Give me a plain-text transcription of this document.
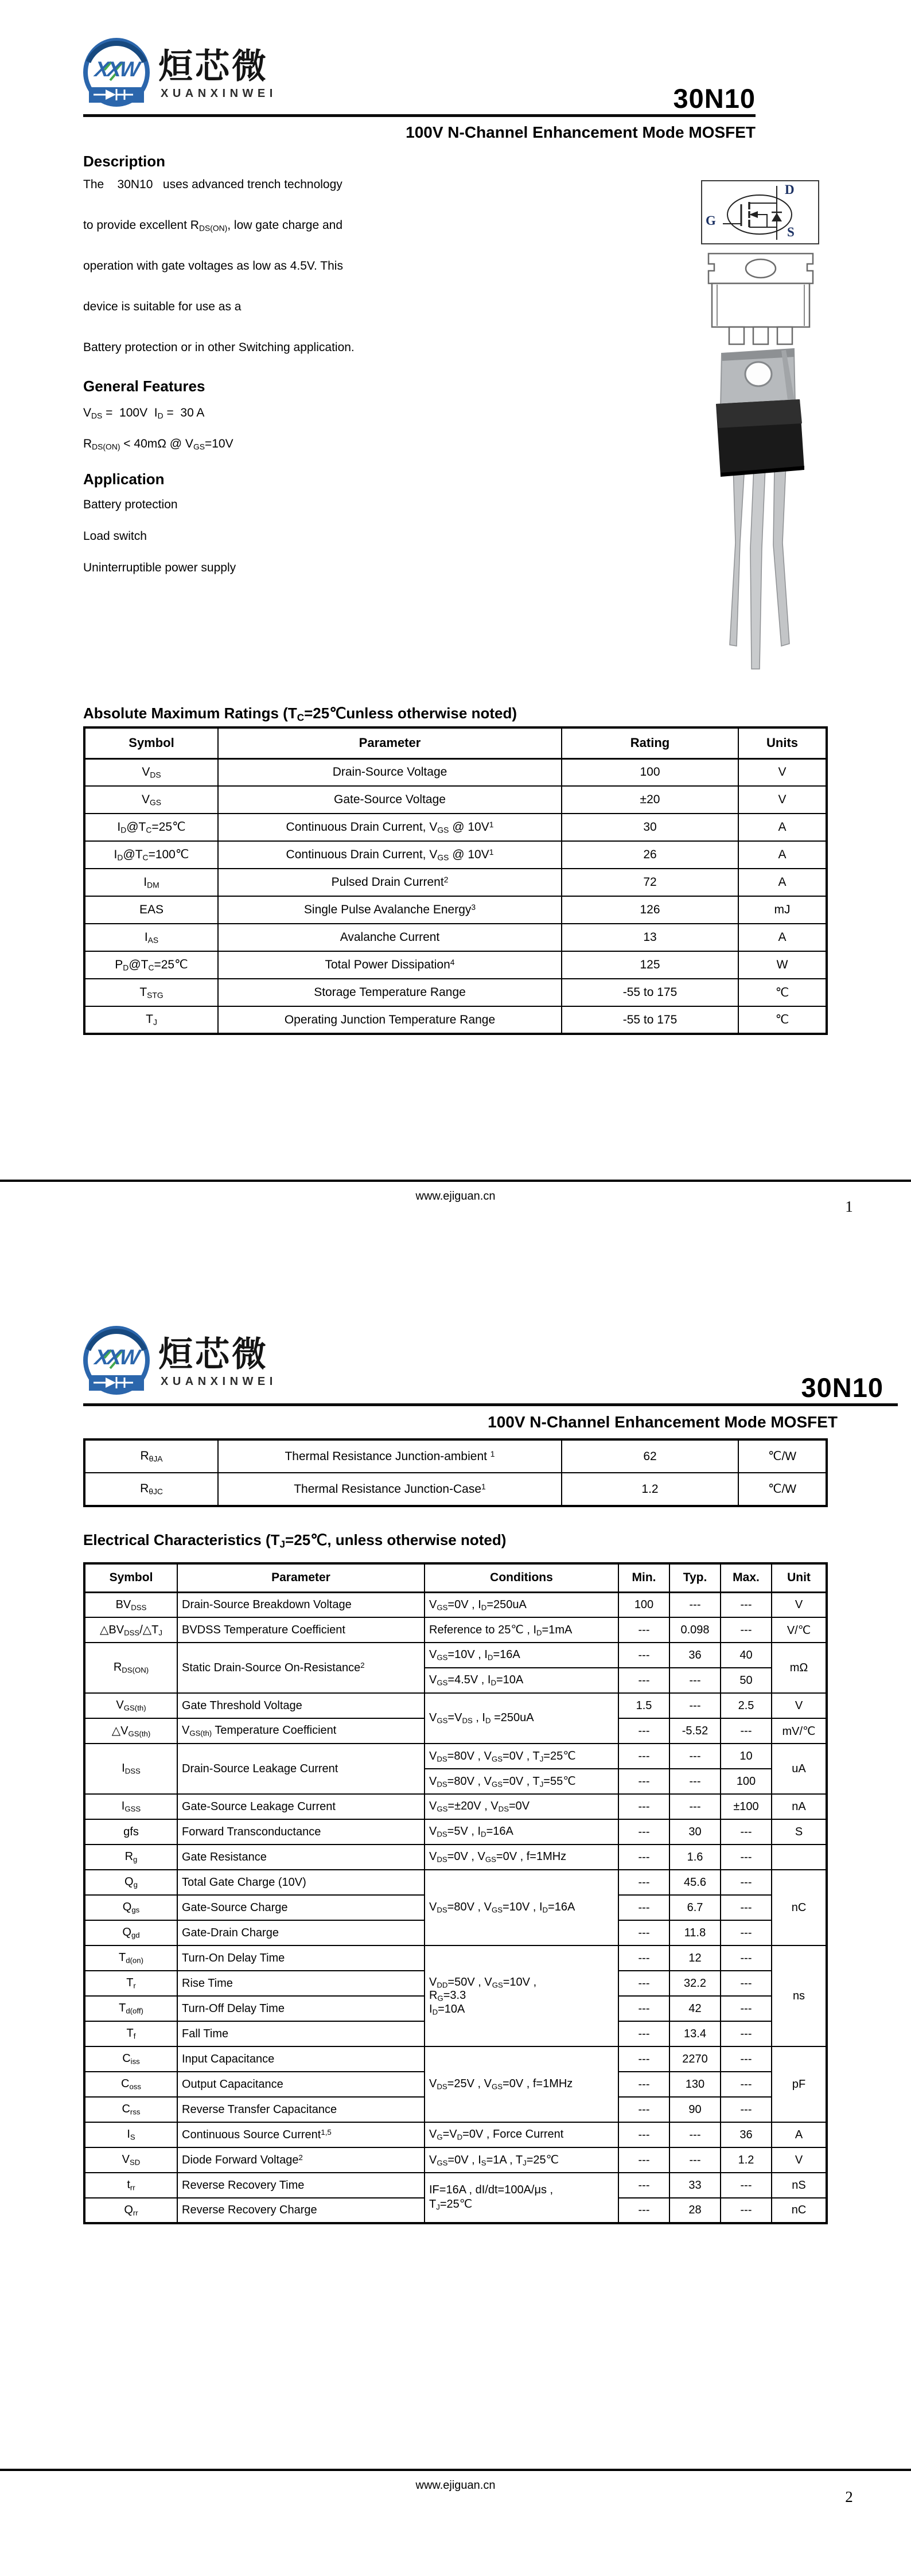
XXW 烜芯微
XUANXINWEI	30N10
100V N-Channel Enhancement Mode MOSFET
Description
The    30N10   uses advanced trench technology
to provide excellent $R_{DS(ON)}$, low gate charge and
operation with gate voltages as low as 4.5V. This
device is suitable for use as a
Battery protection or in other Switching application.
General Features
$V_{DS} = 100V$  $I_D = 30$ A
$R_{DS(ON)} < 40m\Omega$ @ $V_{GS}=10V$
Application
Battery protection
Load switch
Uninterruptible power supply
D
G
S
Absolute Maximum Ratings ($T_C=25℃unless$ otherwise noted)
Symbol	Parameter	Rating	Units
$V_{DS}$	Drain-Source Voltage	100	V
$V_{GS}$	Gate-Source Voltage	±20	V
$I_D@T_C=25℃$	Continuous Drain Current, $V_{GS}$ @ $10V^1$	30	A
$I_D@T_C=100℃$	Continuous Drain Current, $V_{GS}$ @ $10V^1$	26	A
$I_{DM}$	Pulsed Drain Current$^2$	72	A
EAS	Single Pulse Avalanche Energy$^3$	126	mJ
$I_{AS}$	Avalanche Current	13	A
$P_D@T_C=25℃$	Total Power Dissipation$^4$	125	W
$T_{STG}$	Storage Temperature Range	-55 to 175	℃
$T_J$	Operating Junction Temperature Range	-55 to 175	℃
www.ejiguan.cn
1
XXW 烜芯微
XUANXINWEI	30N10
100V N-Channel Enhancement Mode MOSFET
$R_{\theta JA}$	Thermal Resistance Junction-ambient $^1$	62	℃/W
$R_{\theta JC}$	Thermal Resistance Junction-Case$^1$	1.2	℃/W
Electrical Characteristics ($T_J=25℃$, unless otherwise noted)
Symbol	Parameter	Conditions	Min.	Typ.	Max.	Unit
$BV_{DSS}$	Drain-Source Breakdown Voltage	$V_{GS}=0V$ , $I_D=250uA$	100	---	---	V
$\triangle BV_{DSS}/\triangle T_J$	BVDSS Temperature Coefficient	Reference to 25℃ , $I_D=1mA$	---	0.098	---	V/℃
$R_{DS(ON)}$	Static Drain-Source On-Resistance$^2$	$V_{GS}=10V$ , $I_D=16A$	---	36	40	mΩ
		$V_{GS}=4.5V$ , $I_D=10A$	---	---	50	
$V_{GS(th)}$	Gate Threshold Voltage	$V_{GS}=V_{DS}$ , $I_D =250uA$	1.5	---	2.5	V
$\triangle V_{GS(th)}$	$V_{GS(th)}$ Temperature Coefficient		---	-5.52	---	mV/℃
$I_{DSS}$	Drain-Source Leakage Current	$V_{DS}=80V$ , $V_{GS}=0V$ , $T_J=25℃$	---	---	10	uA
		$V_{DS}=80V$ , $V_{GS}=0V$ , $T_J=55℃$	---	---	100	
$I_{GSS}$	Gate-Source Leakage Current	$V_{GS}=\pm 20V$ , $V_{DS}=0V$	---	---	±100	nA
gfs	Forward Transconductance	$V_{DS}=5V$ , $I_D=16A$	---	30	---	S
$R_g$	Gate Resistance	$V_{DS}=0V$ , $V_{GS}=0V$ , f=1MHz	---	1.6	---	
$Q_g$	Total Gate Charge (10V)	$V_{DS}=80V$ , $V_{GS}=10V$ , $I_D=16A$	---	45.6	---	nC
$Q_{gs}$	Gate-Source Charge		---	6.7	---	
$Q_{gd}$	Gate-Drain Charge		---	11.8	---	
$T_{d(on)}$	Turn-On Delay Time	$V_{DD}=50V$ , $V_{GS}=10V$ ,
$R_G=3.3$
$I_D=10A$	---	12	---	ns
$T_r$	Rise Time		---	32.2	---	
$T_{d(off)}$	Turn-Off Delay Time		---	42	---	
$T_f$	Fall Time		---	13.4	---	
$C_{iss}$	Input Capacitance	$V_{DS}=25V$ , $V_{GS}=0V$ , f=1MHz	---	2270	---	pF
$C_{oss}$	Output Capacitance		---	130	---	
$C_{rss}$	Reverse Transfer Capacitance		---	90	---	
$I_S$	Continuous Source Current$^{1,5}$	$V_G=V_D=0V$ , Force Current	---	---	36	A
$V_{SD}$	Diode Forward Voltage$^2$	$V_{GS}=0V$ , $I_S=1A$ , $T_J=25℃$	---	---	1.2	V
$t_{rr}$	Reverse Recovery Time	IF=16A , dI/dt=100A/μs ,
$T_J=25℃$	---	33	---	nS
$Q_{rr}$	Reverse Recovery Charge		---	28	---	nC
www.ejiguan.cn
2
